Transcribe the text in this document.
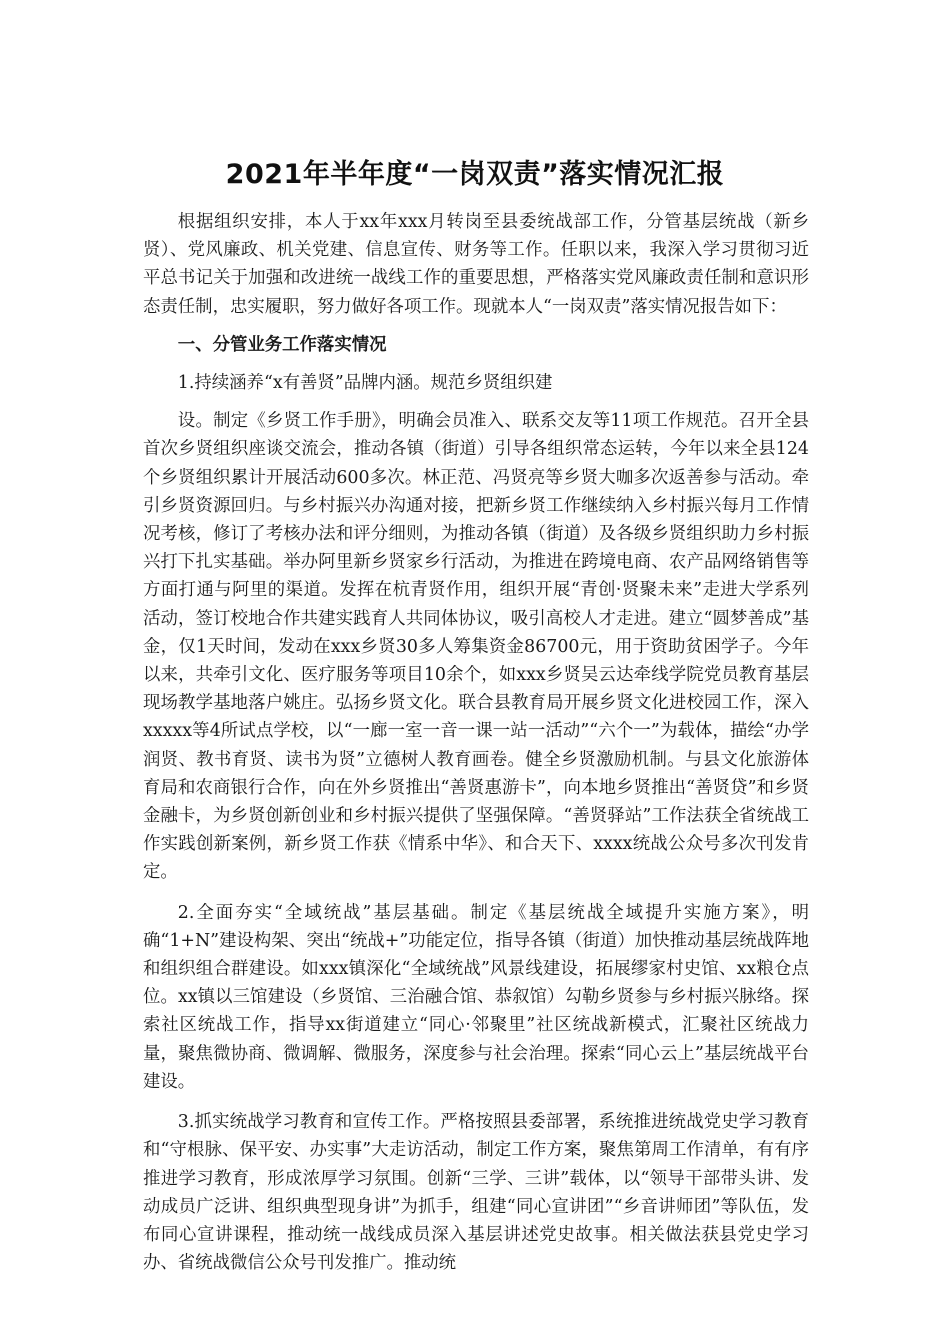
2021年半年度“一岗双责”落实情况汇报

根据组织安排，本人于xx年xxx月转岗至县委统战部工作，分管基层统战（新乡贤）、党风廉政、机关党建、信息宣传、财务等工作。任职以来，我深入学习贯彻习近平总书记关于加强和改进统一战线工作的重要思想，严格落实党风廉政责任制和意识形态责任制，忠实履职，努力做好各项工作。现就本人“一岗双责”落实情况报告如下：

一、分管业务工作落实情况

1.持续涵养“x有善贤”品牌内涵。规范乡贤组织建

设。制定《乡贤工作手册》，明确会员准入、联系交友等11项工作规范。召开全县首次乡贤组织座谈交流会，推动各镇（街道）引导各组织常态运转，今年以来全县124个乡贤组织累计开展活动600多次。林正范、冯贤亮等乡贤大咖多次返善参与活动。牵引乡贤资源回归。与乡村振兴办沟通对接，把新乡贤工作继续纳入乡村振兴每月工作情况考核，修订了考核办法和评分细则，为推动各镇（街道）及各级乡贤组织助力乡村振兴打下扎实基础。举办阿里新乡贤家乡行活动，为推进在跨境电商、农产品网络销售等方面打通与阿里的渠道。发挥在杭青贤作用，组织开展“青创·贤聚未来”走进大学系列活动，签订校地合作共建实践育人共同体协议，吸引高校人才走进。建立“圆梦善成”基金，仅1天时间，发动在xxx乡贤30多人筹集资金86700元，用于资助贫困学子。今年以来，共牵引文化、医疗服务等项目10余个，如xxx乡贤吴云达牵线学院党员教育基层现场教学基地落户姚庄。弘扬乡贤文化。联合县教育局开展乡贤文化进校园工作，深入xxxxx等4所试点学校，以“一廊一室一音一课一站一活动”“六个一”为载体，描绘“办学润贤、教书育贤、读书为贤”立德树人教育画卷。健全乡贤激励机制。与县文化旅游体育局和农商银行合作，向在外乡贤推出“善贤惠游卡”，向本地乡贤推出“善贤贷”和乡贤金融卡，为乡贤创新创业和乡村振兴提供了坚强保障。“善贤驿站”工作法获全省统战工作实践创新案例，新乡贤工作获《情系中华》、和合天下、xxxx统战公众号多次刊发肯定。

2.全面夯实“全域统战”基层基础。制定《基层统战全域提升实施方案》，明确“1+N”建设构架、突出“统战+”功能定位，指导各镇（街道）加快推动基层统战阵地和组织组合群建设。如xxx镇深化“全域统战”风景线建设，拓展缪家村史馆、xx粮仓点位。xx镇以三馆建设（乡贤馆、三治融合馆、恭叙馆）勾勒乡贤参与乡村振兴脉络。探索社区统战工作，指导xx街道建立“同心·邻聚里”社区统战新模式，汇聚社区统战力量，聚焦微协商、微调解、微服务，深度参与社会治理。探索“同心云上”基层统战平台建设。

3.抓实统战学习教育和宣传工作。严格按照县委部署，系统推进统战党史学习教育和“守根脉、保平安、办实事”大走访活动，制定工作方案，聚焦第周工作清单，有有序推进学习教育，形成浓厚学习氛围。创新“三学、三讲”载体，以“领导干部带头讲、发动成员广泛讲、组织典型现身讲”为抓手，组建“同心宣讲团”“乡音讲师团”等队伍，发布同心宣讲课程，推动统一战线成员深入基层讲述党史故事。相关做法获县党史学习办、省统战微信公众号刊发推广。推动统
